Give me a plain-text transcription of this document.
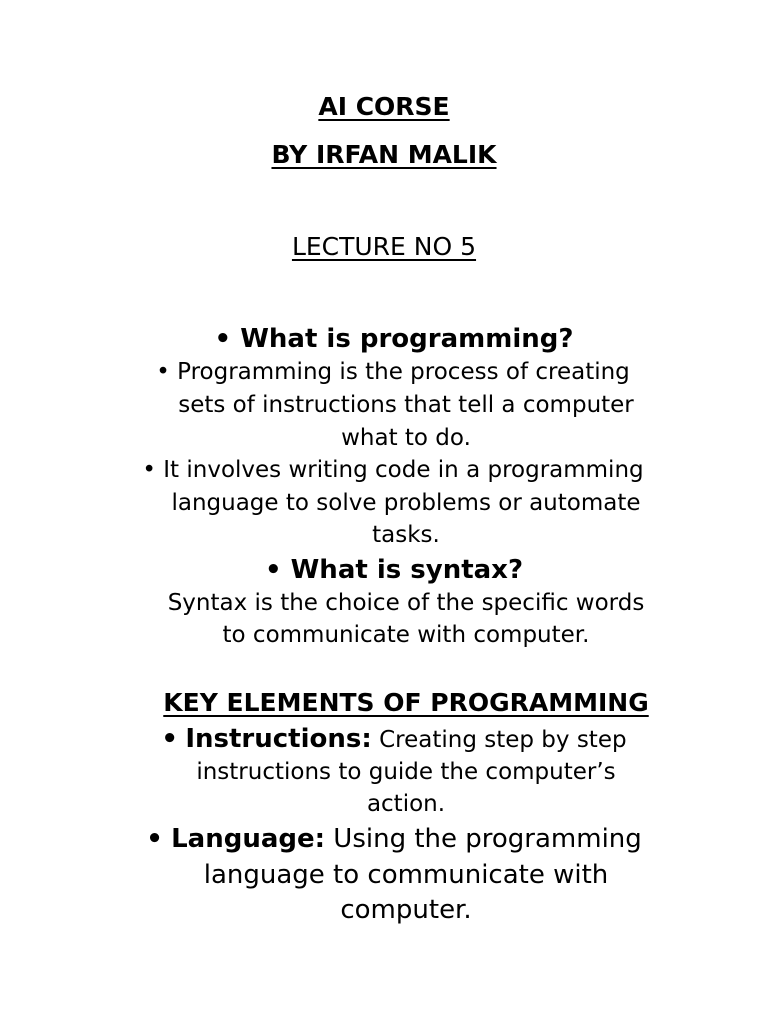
AI CORSE
BY IRFAN MALIK
LECTURE NO 5
• What is programming?
• Programming is the process of creating
sets of instructions that tell a computer
what to do.
• It involves writing code in a programming
language to solve problems or automate
tasks.
• What is syntax?
Syntax is the choice of the specific words
to communicate with computer.
KEY ELEMENTS OF PROGRAMMING
• Instructions: Creating step by step
instructions to guide the computer’s
action.
• Language: Using the programming
language to communicate with
computer.
